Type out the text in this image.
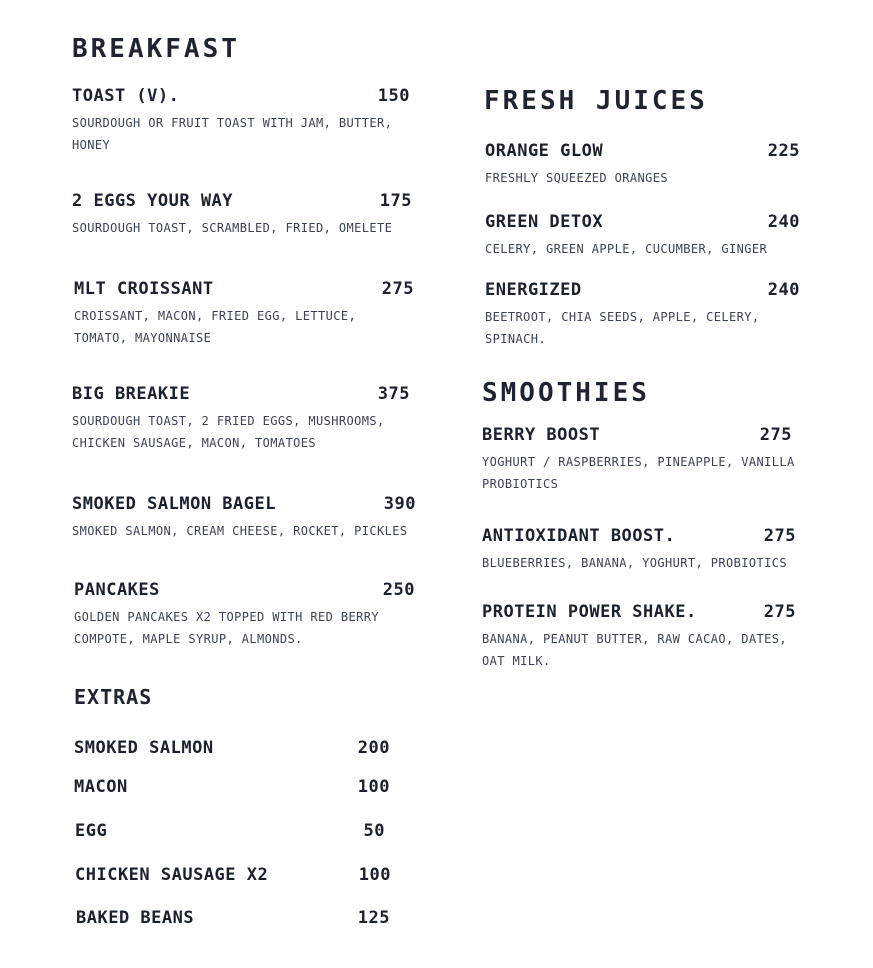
BREAKFAST
TOAST (V).	150
SOURDOUGH OR FRUIT TOAST WITH JAM, BUTTER, HONEY
2 EGGS YOUR WAY	175
SOURDOUGH TOAST, SCRAMBLED, FRIED, OMELETE
MLT CROISSANT	275
CROISSANT, MACON, FRIED EGG, LETTUCE, TOMATO, MAYONNAISE
BIG BREAKIE	375
SOURDOUGH TOAST, 2 FRIED EGGS, MUSHROOMS, CHICKEN SAUSAGE, MACON, TOMATOES
SMOKED SALMON BAGEL	390
SMOKED SALMON, CREAM CHEESE, ROCKET, PICKLES
PANCAKES	250
GOLDEN PANCAKES X2 TOPPED WITH RED BERRY COMPOTE, MAPLE SYRUP, ALMONDS.
EXTRAS
SMOKED SALMON	200
MACON	100
EGG	50
CHICKEN SAUSAGE X2	100
BAKED BEANS	125
FRESH JUICES
ORANGE GLOW	225
FRESHLY SQUEEZED ORANGES
GREEN DETOX	240
CELERY, GREEN APPLE, CUCUMBER, GINGER
ENERGIZED	240
BEETROOT, CHIA SEEDS, APPLE, CELERY, SPINACH.
SMOOTHIES
BERRY BOOST	275
YOGHURT / RASPBERRIES, PINEAPPLE, VANILLA PROBIOTICS
ANTIOXIDANT BOOST.	275
BLUEBERRIES, BANANA, YOGHURT, PROBIOTICS
PROTEIN POWER SHAKE.	275
BANANA, PEANUT BUTTER, RAW CACAO, DATES, OAT MILK.
